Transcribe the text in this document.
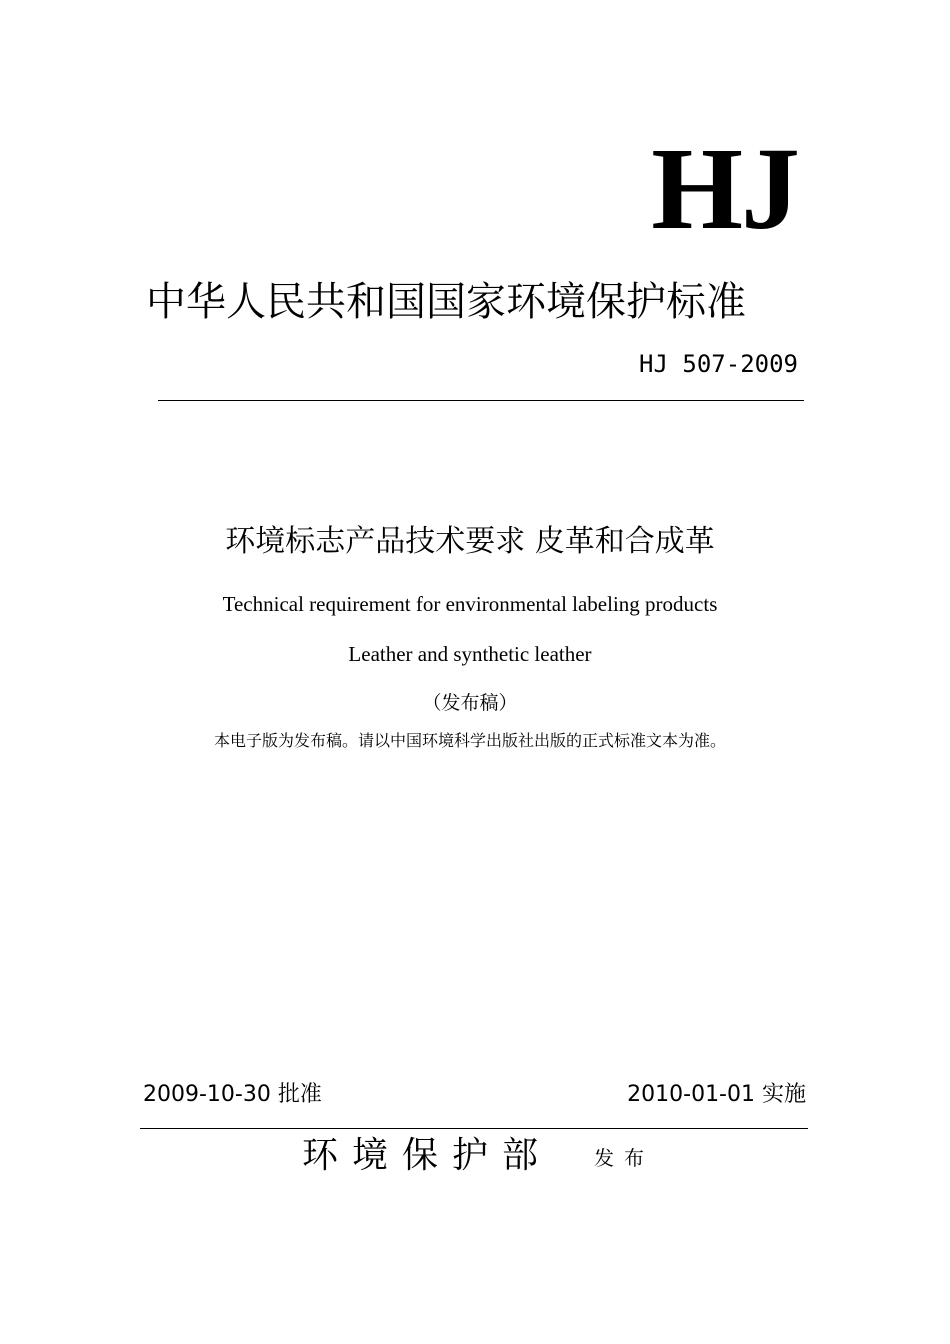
HJ
中华人民共和国国家环境保护标准
HJ 507-2009
环境标志产品技术要求 皮革和合成革
Technical requirement for environmental labeling products
Leather and synthetic leather
（发布稿）
本电子版为发布稿。请以中国环境科学出版社出版的正式标准文本为准。
2009-10-30 批准	2010-01-01 实施
环境保护部 发布
